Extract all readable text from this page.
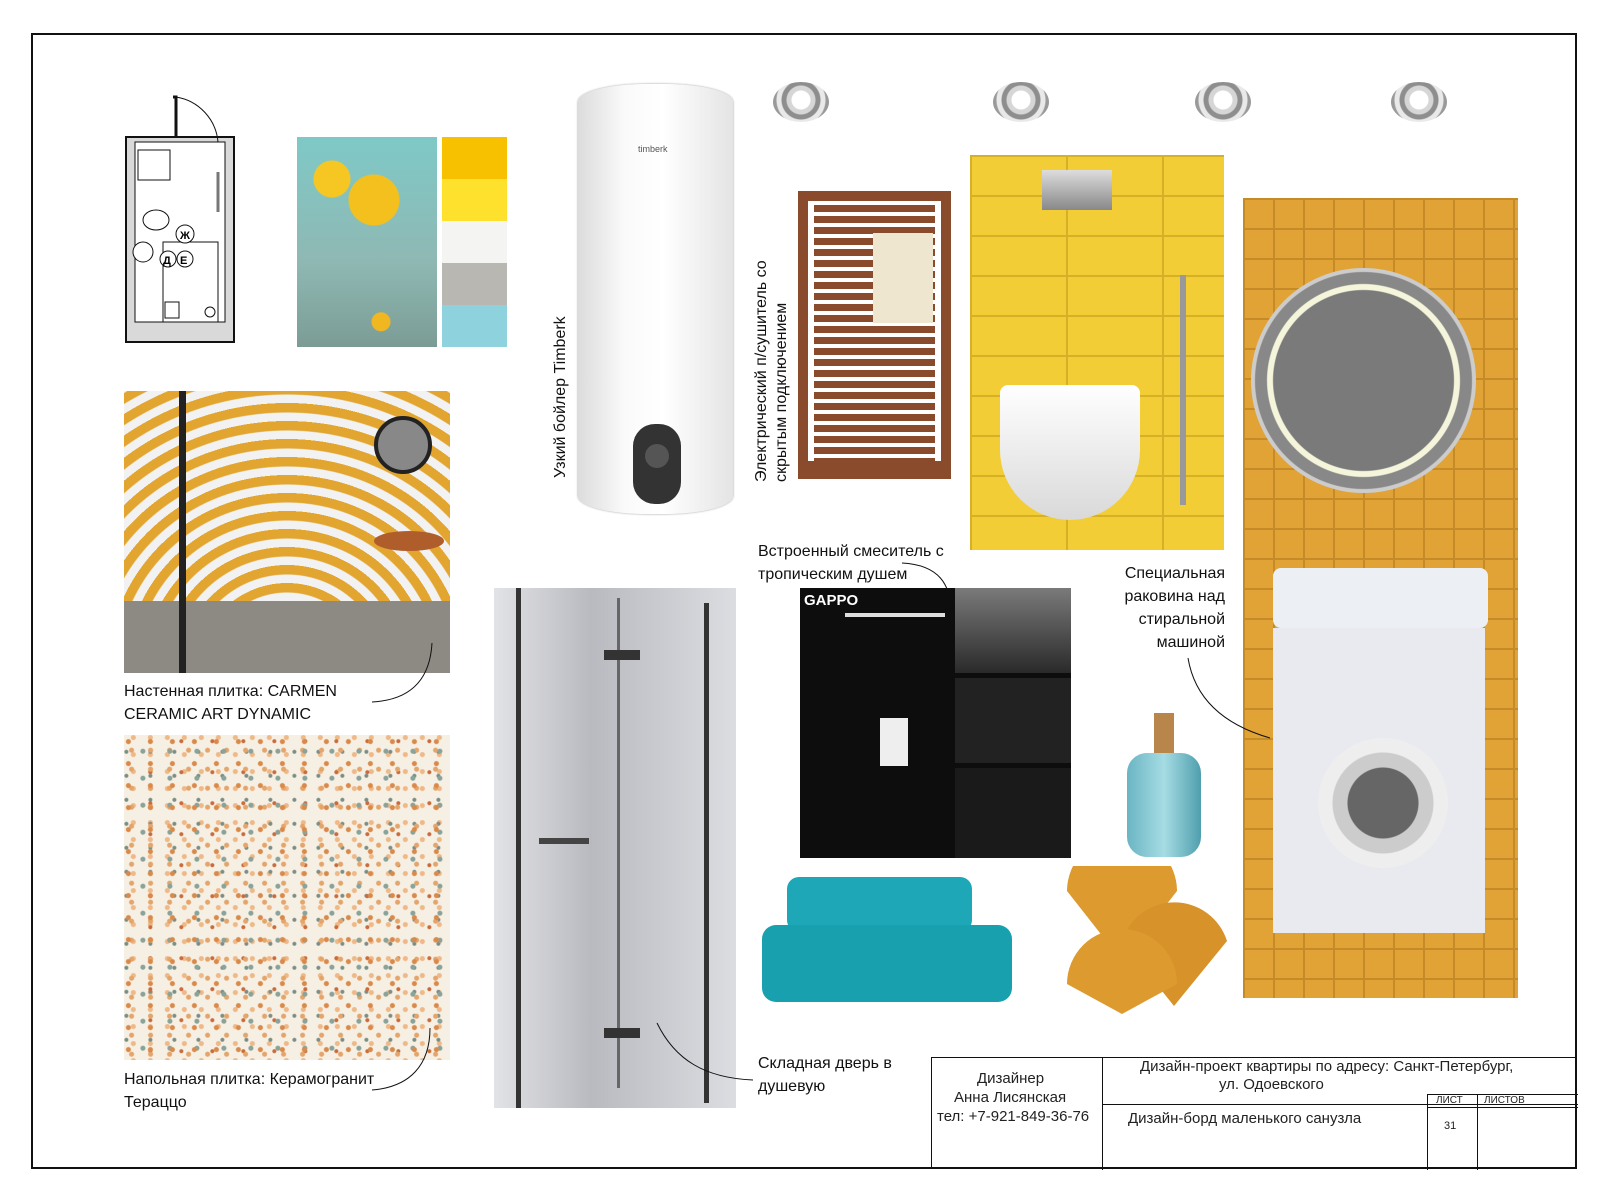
Ж
Д Е
timberk
Узкий бойлер Timberk	Электрический п/сушитель со скрытым подключением
Специальная
раковина над
стиральной
машиной
Настенная плитка: CARMEN
CERAMIC ART DYNAMIC
Напольная плитка: Керамогранит
Тераццо
Складная дверь в
душевую
Встроенный смеситель с
тропическим душем
GAPPO
Дизайнер
Анна Лисянская
тел: +7-921-849-36-76
Дизайн-проект квартиры по адресу: Санкт-Петербург,
ул. Одоевского
Дизайн-борд маленького санузла
ЛИСТ ЛИСТОВ
31
